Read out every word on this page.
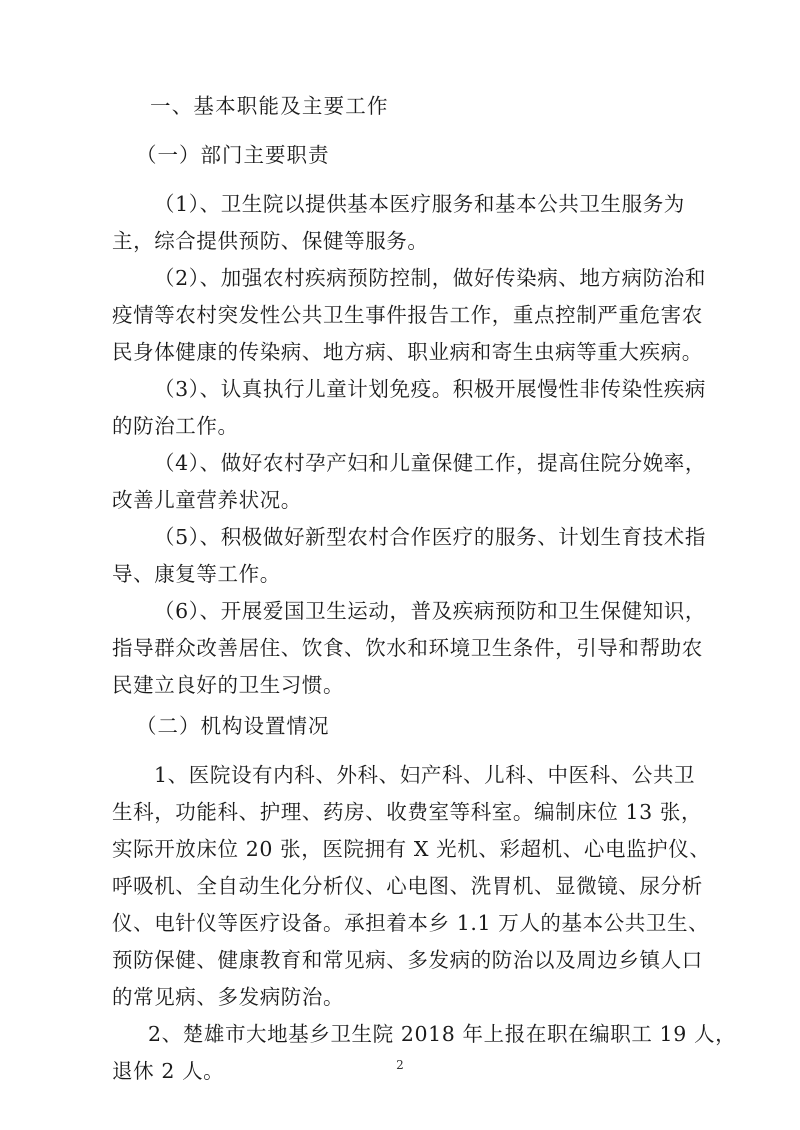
一、基本职能及主要工作
（一）部门主要职责
（1）、卫生院以提供基本医疗服务和基本公共卫生服务为
主，综合提供预防、保健等服务。
（2）、加强农村疾病预防控制，做好传染病、地方病防治和
疫情等农村突发性公共卫生事件报告工作，重点控制严重危害农
民身体健康的传染病、地方病、职业病和寄生虫病等重大疾病。
（3）、认真执行儿童计划免疫。积极开展慢性非传染性疾病
的防治工作。
（4）、做好农村孕产妇和儿童保健工作，提高住院分娩率，
改善儿童营养状况。
（5）、积极做好新型农村合作医疗的服务、计划生育技术指
导、康复等工作。
（6）、开展爱国卫生运动，普及疾病预防和卫生保健知识，
指导群众改善居住、饮食、饮水和环境卫生条件，引导和帮助农
民建立良好的卫生习惯。
（二）机构设置情况
1、医院设有内科、外科、妇产科、儿科、中医科、公共卫
生科，功能科、护理、药房、收费室等科室。编制床位 13 张，
实际开放床位 20 张，医院拥有 X 光机、彩超机、心电监护仪、
呼吸机、全自动生化分析仪、心电图、洗胃机、显微镜、尿分析
仪、电针仪等医疗设备。承担着本乡 1.1 万人的基本公共卫生、
预防保健、健康教育和常见病、多发病的防治以及周边乡镇人口
的常见病、多发病防治。
2、楚雄市大地基乡卫生院 2018 年上报在职在编职工 19 人，
退休 2 人。	2
